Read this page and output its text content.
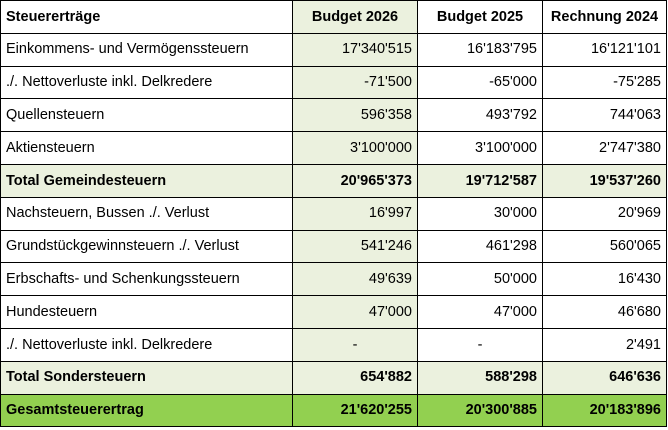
Steuererträge	Budget 2026	Budget 2025	Rechnung 2024
Einkommens- und Vermögenssteuern	17'340'515	16'183'795	16'121'101
./. Nettoverluste inkl. Delkredere	-71'500	-65'000	-75'285
Quellensteuern	596'358	493'792	744'063
Aktiensteuern	3'100'000	3'100'000	2'747'380
Total Gemeindesteuern	20'965'373	19'712'587	19'537'260
Nachsteuern, Bussen ./. Verlust	16'997	30'000	20'969
Grundstückgewinnsteuern ./. Verlust	541'246	461'298	560'065
Erbschafts- und Schenkungssteuern	49'639	50'000	16'430
Hundesteuern	47'000	47'000	46'680
./. Nettoverluste inkl. Delkredere	-	-	2'491
Total Sondersteuern	654'882	588'298	646'636
Gesamtsteuerertrag	21'620'255	20'300'885	20'183'896
